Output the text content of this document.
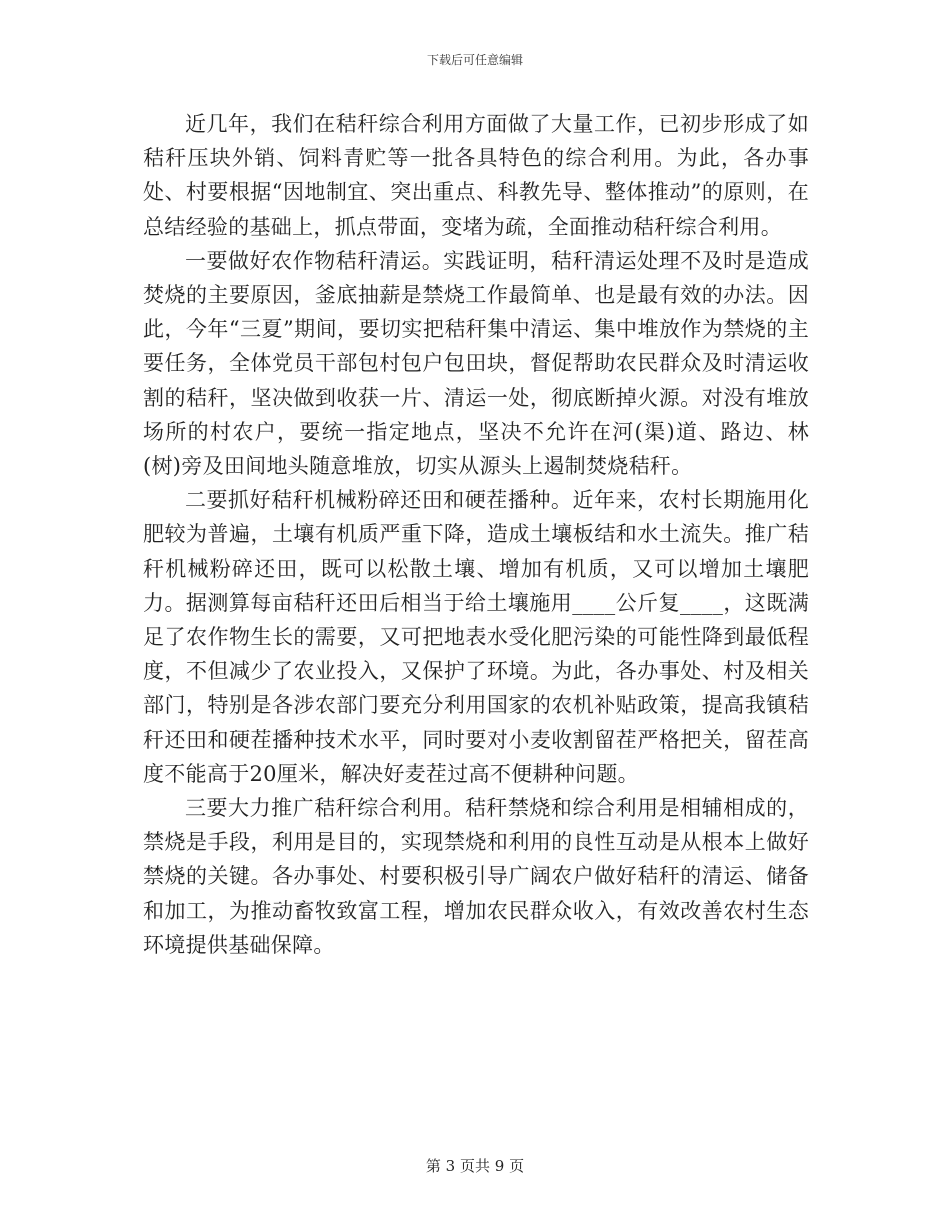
下载后可任意编辑

近几年，我们在秸秆综合利用方面做了大量工作，已初步形成了如秸秆压块外销、饲料青贮等一批各具特色的综合利用。为此，各办事处、村要根据“因地制宜、突出重点、科教先导、整体推动”的原则，在总结经验的基础上，抓点带面，变堵为疏，全面推动秸秆综合利用。

一要做好农作物秸秆清运。实践证明，秸秆清运处理不及时是造成焚烧的主要原因，釜底抽薪是禁烧工作最简单、也是最有效的办法。因此，今年“三夏”期间，要切实把秸秆集中清运、集中堆放作为禁烧的主要任务，全体党员干部包村包户包田块，督促帮助农民群众及时清运收割的秸秆，坚决做到收获一片、清运一处，彻底断掉火源。对没有堆放场所的村农户，要统一指定地点，坚决不允许在河(渠)道、路边、林(树)旁及田间地头随意堆放，切实从源头上遏制焚烧秸秆。

二要抓好秸秆机械粉碎还田和硬茬播种。近年来，农村长期施用化肥较为普遍，土壤有机质严重下降，造成土壤板结和水土流失。推广秸秆机械粉碎还田，既可以松散土壤、增加有机质，又可以增加土壤肥力。据测算每亩秸秆还田后相当于给土壤施用____公斤复____，这既满足了农作物生长的需要，又可把地表水受化肥污染的可能性降到最低程度，不但减少了农业投入，又保护了环境。为此，各办事处、村及相关部门，特别是各涉农部门要充分利用国家的农机补贴政策，提高我镇秸秆还田和硬茬播种技术水平，同时要对小麦收割留茬严格把关，留茬高度不能高于20厘米，解决好麦茬过高不便耕种问题。

三要大力推广秸秆综合利用。秸秆禁烧和综合利用是相辅相成的，禁烧是手段，利用是目的，实现禁烧和利用的良性互动是从根本上做好禁烧的关键。各办事处、村要积极引导广阔农户做好秸秆的清运、储备和加工，为推动畜牧致富工程，增加农民群众收入，有效改善农村生态环境提供基础保障。

第 3 页共 9 页
